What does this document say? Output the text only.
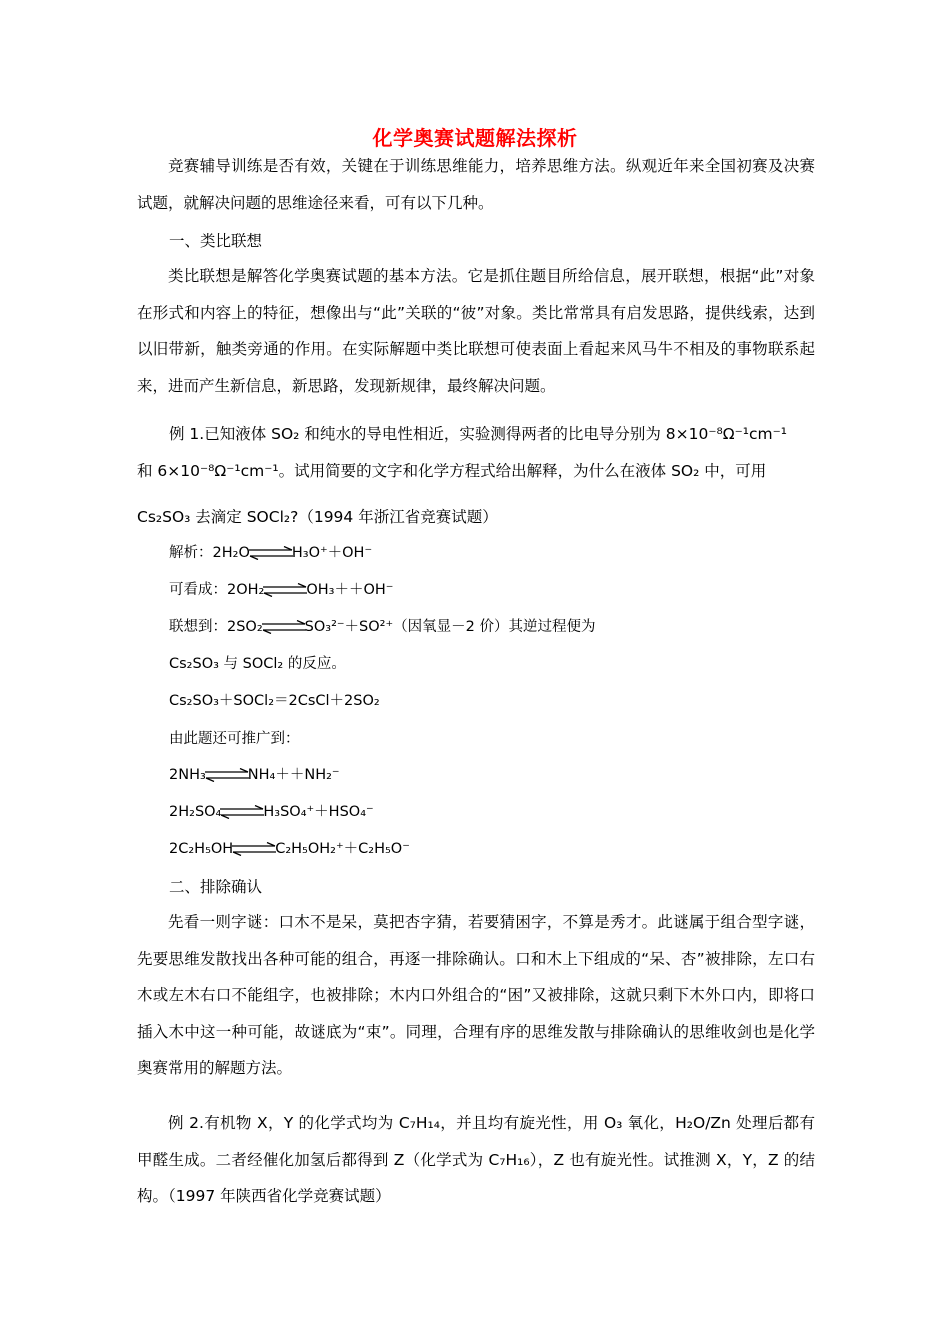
化学奥赛试题解法探析

竞赛辅导训练是否有效，关键在于训练思维能力，培养思维方法。纵观近年来全国初赛及决赛试题，就解决问题的思维途径来看，可有以下几种。

一、类比联想

类比联想是解答化学奥赛试题的基本方法。它是抓住题目所给信息，展开联想，根据“此”对象在形式和内容上的特征，想像出与“此”关联的“彼”对象。类比常常具有启发思路，提供线索，达到以旧带新，触类旁通的作用。在实际解题中类比联想可使表面上看起来风马牛不相及的事物联系起来，进而产生新信息，新思路，发现新规律，最终解决问题。

例 1.已知液体 SO₂ 和纯水的导电性相近，实验测得两者的比电导分别为 8×10⁻⁸Ω⁻¹cm⁻¹
和 6×10⁻⁸Ω⁻¹cm⁻¹。试用简要的文字和化学方程式给出解释，为什么在液体 SO₂ 中，可用
Cs₂SO₃ 去滴定 SOCl₂?（1994 年浙江省竞赛试题）
解析：2H₂O	H₃O⁺＋OH⁻
可看成：2OH₂	OH₃＋＋OH⁻
联想到：2SO₂	SO₃²⁻＋SO²⁺（因氧显－2 价）其逆过程便为
Cs₂SO₃ 与 SOCl₂ 的反应。
Cs₂SO₃＋SOCl₂＝2CsCl＋2SO₂
由此题还可推广到：
2NH₃	NH₄＋＋NH₂⁻
2H₂SO₄	H₃SO₄⁺＋HSO₄⁻
2C₂H₅OH	C₂H₅OH₂⁺＋C₂H₅O⁻
二、排除确认

先看一则字谜：口木不是呆，莫把杏字猜，若要猜困字，不算是秀才。此谜属于组合型字谜，先要思维发散找出各种可能的组合，再逐一排除确认。口和木上下组成的“呆、杏”被排除，左口右木或左木右口不能组字，也被排除；木内口外组合的“困”又被排除，这就只剩下木外口内，即将口插入木中这一种可能，故谜底为“束”。同理，合理有序的思维发散与排除确认的思维收剑也是化学奥赛常用的解题方法。

例 2.有机物 X，Y 的化学式均为 C₇H₁₄，并且均有旋光性，用 O₃ 氧化，H₂O/Zn 处理后都有甲醛生成。二者经催化加氢后都得到 Z（化学式为 C₇H₁₆），Z 也有旋光性。试推测 X，Y，Z 的结构。（1997 年陕西省化学竞赛试题）
